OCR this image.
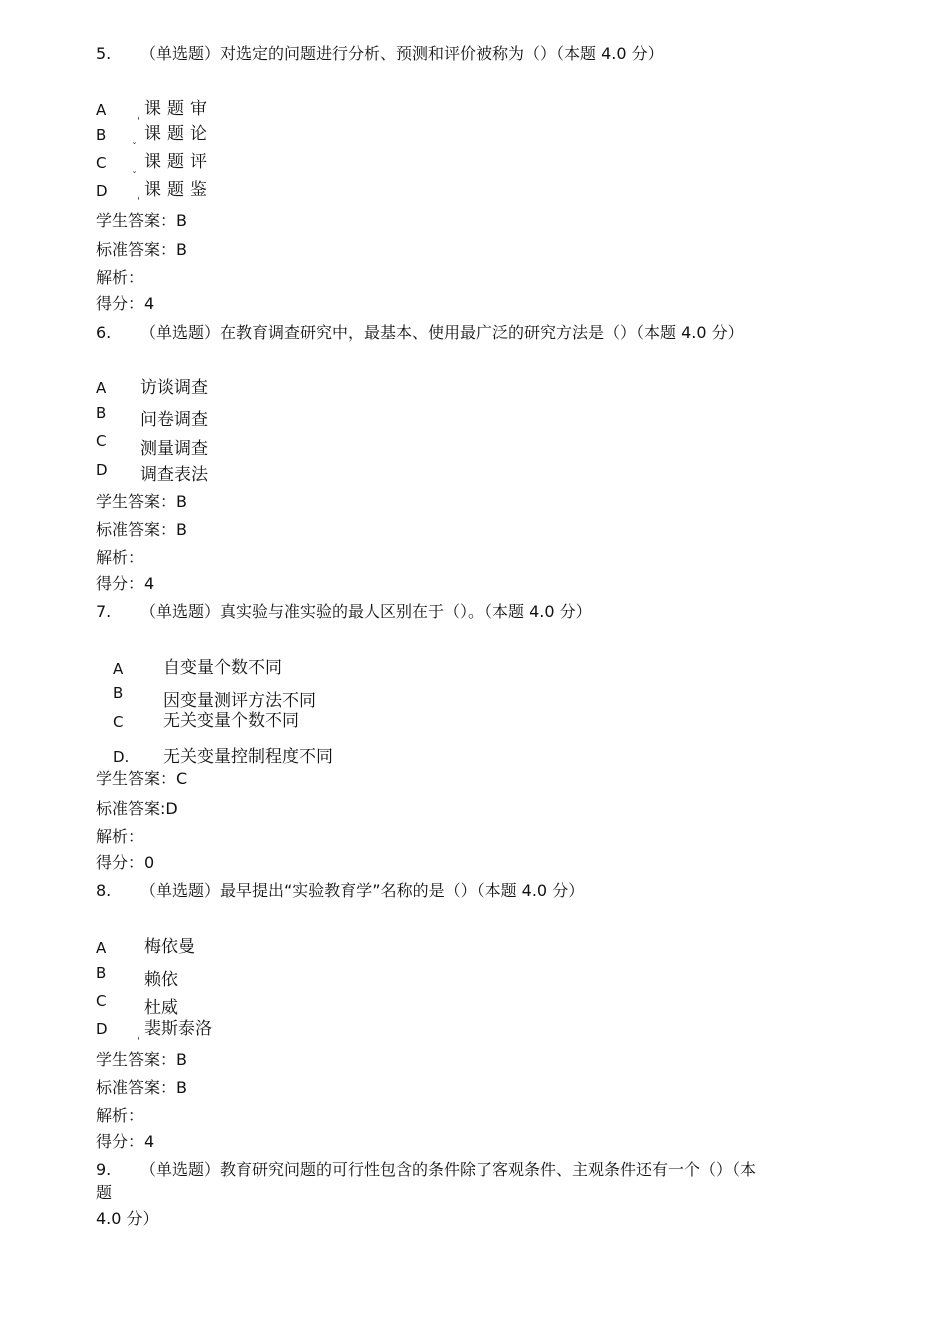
5. （单选题）对选定的问题进行分析、预测和评价被称为（）（本题 4.0 分）
A 课题审
B 课题论
C 课题评
D 课题鉴
'
ˇ
ˇ
'
学生答案：B
标准答案：B
解析：
得分：4
6. （单选题）在教育调查研究中，最基本、使用最广泛的研究方法是（）（本题 4.0 分）
A 访谈调查
B 问卷调查
C 测量调查
D 调查表法
学生答案：B
标准答案：B
解析：
得分：4
7. （单选题）真实验与准实验的最人区别在于（）。（本题 4.0 分）
A 自变量个数不同
B 因变量测评方法不同
C 无关变量个数不同
D. 无关变量控制程度不同
学生答案：C
标准答案:D
解析：
得分：0
8. （单选题）最早提出“实验教育学”名称的是（）（本题 4.0 分）
A 梅依曼
B 赖依
C 杜威
D 裴斯泰洛
'
学生答案：B
标准答案：B
解析：
得分：4
9. （单选题）教育研究问题的可行性包含的条件除了客观条件、主观条件还有一个（）（本
题
4.0 分）
